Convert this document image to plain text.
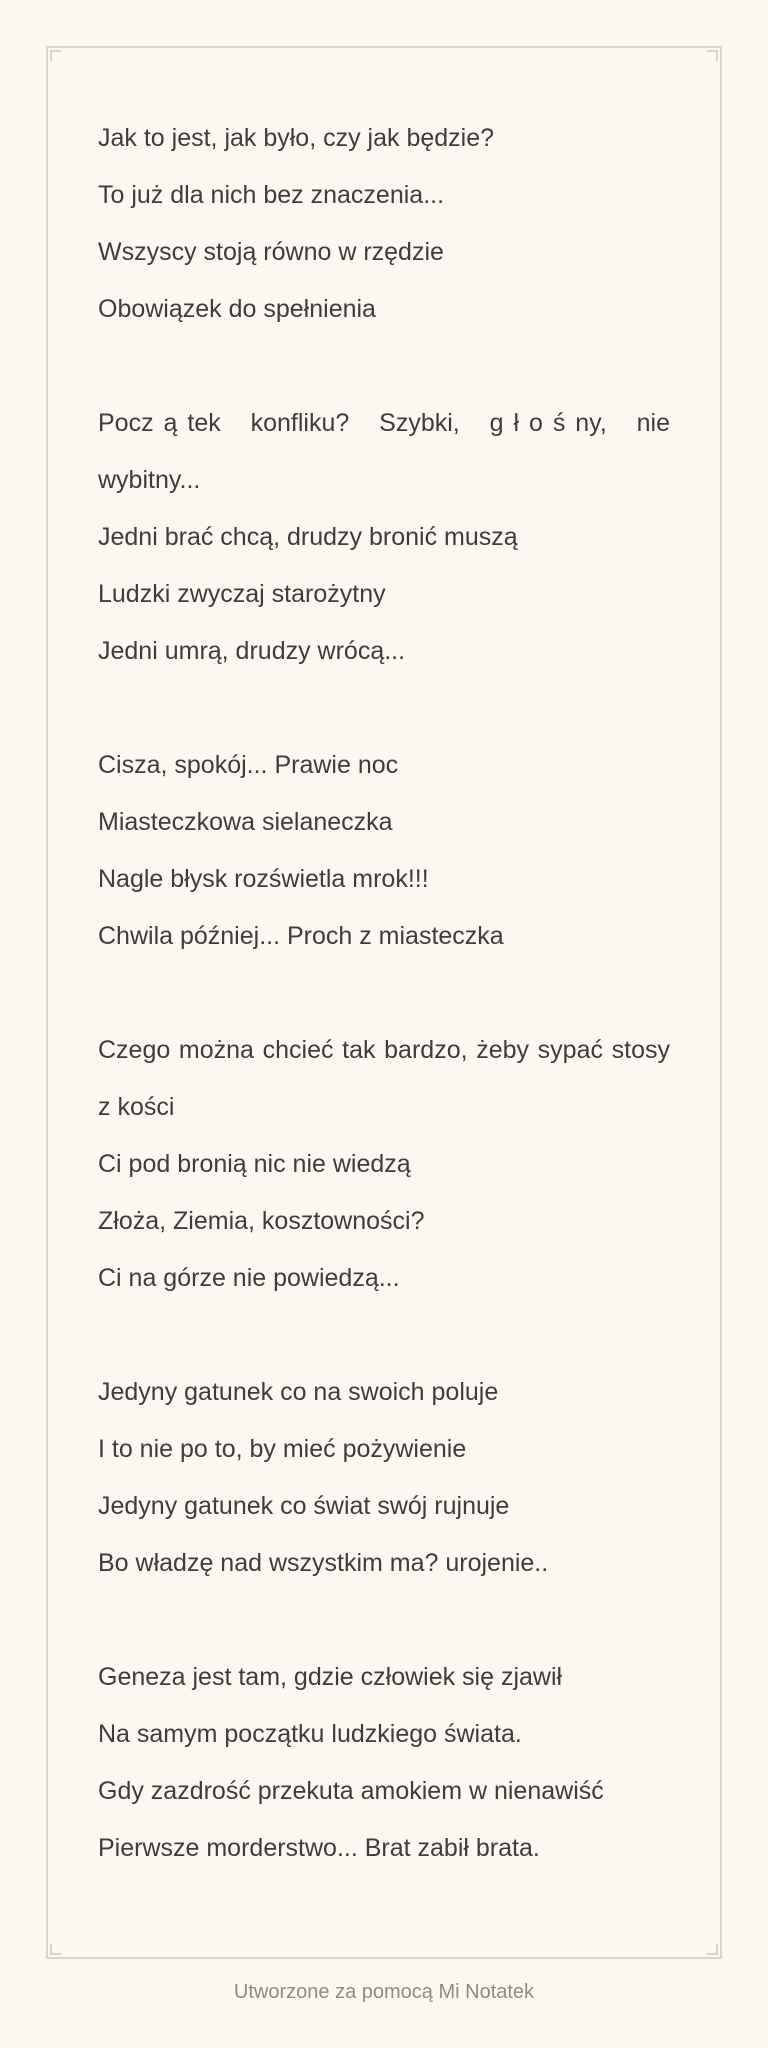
Jak to jest, jak było, czy jak będzie?
To już dla nich bez znaczenia...
Wszyscy stoją równo w rzędzie
Obowiązek do spełnienia
Pocz ą tek   konfliku?   Szybki,   g ł o ś ny,   nie wybitny...
Jedni brać chcą, drudzy bronić muszą
Ludzki zwyczaj starożytny
Jedni umrą, drudzy wrócą...
Cisza, spokój... Prawie noc
Miasteczkowa sielaneczka
Nagle błysk rozświetla mrok!!!
Chwila później... Proch z miasteczka
Czego można chcieć tak bardzo, żeby sypać stosy z kości
Ci pod bronią nic nie wiedzą
Złoża, Ziemia, kosztowności?
Ci na górze nie powiedzą...
Jedyny gatunek co na swoich poluje
I to nie po to, by mieć pożywienie
Jedyny gatunek co świat swój rujnuje
Bo władzę nad wszystkim ma? urojenie..
Geneza jest tam, gdzie człowiek się zjawił
Na samym początku ludzkiego świata.
Gdy zazdrość przekuta amokiem w nienawiść
Pierwsze morderstwo... Brat zabił brata.
Utworzone za pomocą Mi Notatek
